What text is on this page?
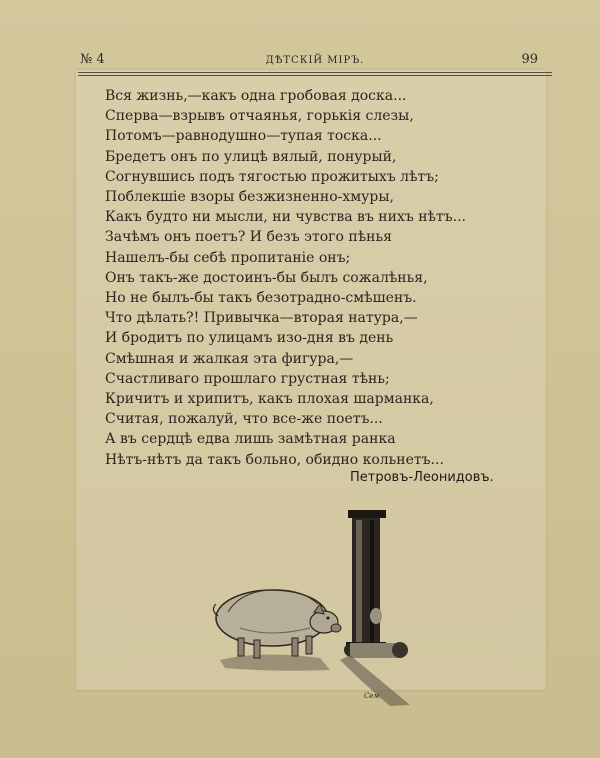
№ 4	ДѢТСКІЙ МІРЪ.	99
Вся жизнь,—какъ одна гробовая доска...
Сперва—взрывъ отчаянья, горькія слезы,
Потомъ—равнодушно—тупая тоска...
Бредетъ онъ по улицѣ вялый, понурый,
Согнувшись подъ тягостью прожитыхъ лѣтъ;
Поблекшіе взоры безжизненно-хмуры,
Какъ будто ни мысли, ни чувства въ нихъ нѣтъ...
Зачѣмъ онъ поетъ? И безъ этого пѣнья
Нашелъ-бы себѣ пропитаніе онъ;
Онъ такъ-же достоинъ-бы былъ сожалѣнья,
Но не былъ-бы такъ безотрадно-смѣшенъ.
Что дѣлать?! Привычка—вторая натура,—
И бродитъ по улицамъ изо-дня въ день
Смѣшная и жалкая эта фигура,—
Счастливаго прошлаго грустная тѣнь;
Кричитъ и хрипитъ, какъ плохая шарманка,
Считая, пожалуй, что все-же поетъ...
А въ сердцѣ едва лишь замѣтная ранка
Нѣтъ-нѣтъ да такъ больно, обидно кольнетъ...
Петровъ-Леонидовъ.
Сем
